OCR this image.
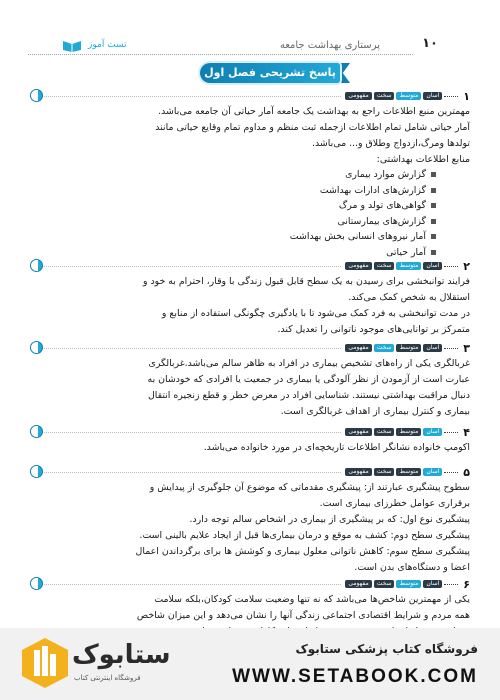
۱۰
پرستاری بهداشت جامعه
تست آموز
پاسخ تشریحی فصل اول
۱
آسان
متوسط
سخت
مفهومی
مهمترین منبع اطلاعات راجع به بهداشت یک جامعه آمار حیاتی آن جامعه می‌باشد.
آمار حیاتی شامل تمام اطلاعات ازجمله ثبت منظم و مداوم تمام وقایع حیاتی مانند
تولدها ومرگ،ازدواج وطلاق و... می‌باشد.
منابع اطلاعات بهداشتی:
گزارش موارد بیماری
گزارش‌های ادارات بهداشت
گواهی‌های تولد و مرگ
گزارش‌های بیمارستانی
آمار نیروهای انسانی بخش بهداشت
آمار حیاتی
۲
آسان
متوسط
سخت
مفهومی
فرایند توانبخشی برای رسیدن به یک سطح قابل قبول زندگی با وقار، احترام به خود و
استقلال به شخص کمک می‌کند.
در مدت توانبخشی به فرد کمک می‌شود تا با یادگیری چگونگی استفاده از منابع و
متمرکز بر توانایی‌های موجود ناتوانی را تعدیل کند.
۳
آسان
متوسط
سخت
مفهومی
غربالگری یکی از راه‌های تشخیص بیماری در افراد به ظاهر سالم می‌باشد.غربالگری
عبارت است از آزمودن از نظر آلودگی یا بیماری در جمعیت یا افرادی که خودشان به
دنبال مراقبت بهداشتی نیستند. شناسایی افراد در معرض خطر و قطع زنجیره انتقال
بیماری و کنترل بیماری از اهداف غربالگری است.
۴
آسان
متوسط
سخت
مفهومی
اکومپ خانواده نشانگر اطلاعات تاریخچه‌ای در مورد خانواده می‌باشد.
۵
آسان
متوسط
سخت
مفهومی
سطوح پیشگیری عبارتند از: پیشگیری مقدماتی که موضوع آن جلوگیری از پیدایش و
برقراری عوامل خطر‌زای بیماری است.
پیشگیری نوع اول: که بر پیشگیری از بیماری در اشخاص سالم توجه دارد.
پیشگیری سطح دوم: کشف به موقع و درمان بیماری‌ها قبل از ایجاد علایم بالینی است.
پیشگیری سطح سوم: کاهش ناتوانی معلول بیماری و کوشش ها برای برگرداندن اعمال
اعضا و دستگاه‌های بدن است.
۶
آسان
متوسط
سخت
مفهومی
یکی از مهمترین شاخص‌ها می‌باشد که نه تنها وضعیت سلامت کودکان،بلکه سلامت
همه مردم و شرایط اقتصادی اجتماعی زندگی آنها را نشان می‌دهد و این میزان شاخص
فروشگاه کتاب پزشکی ستابوک
WWW.SETABOOK.COM
ستابوک
فروشگاه اینترنتی کتاب
